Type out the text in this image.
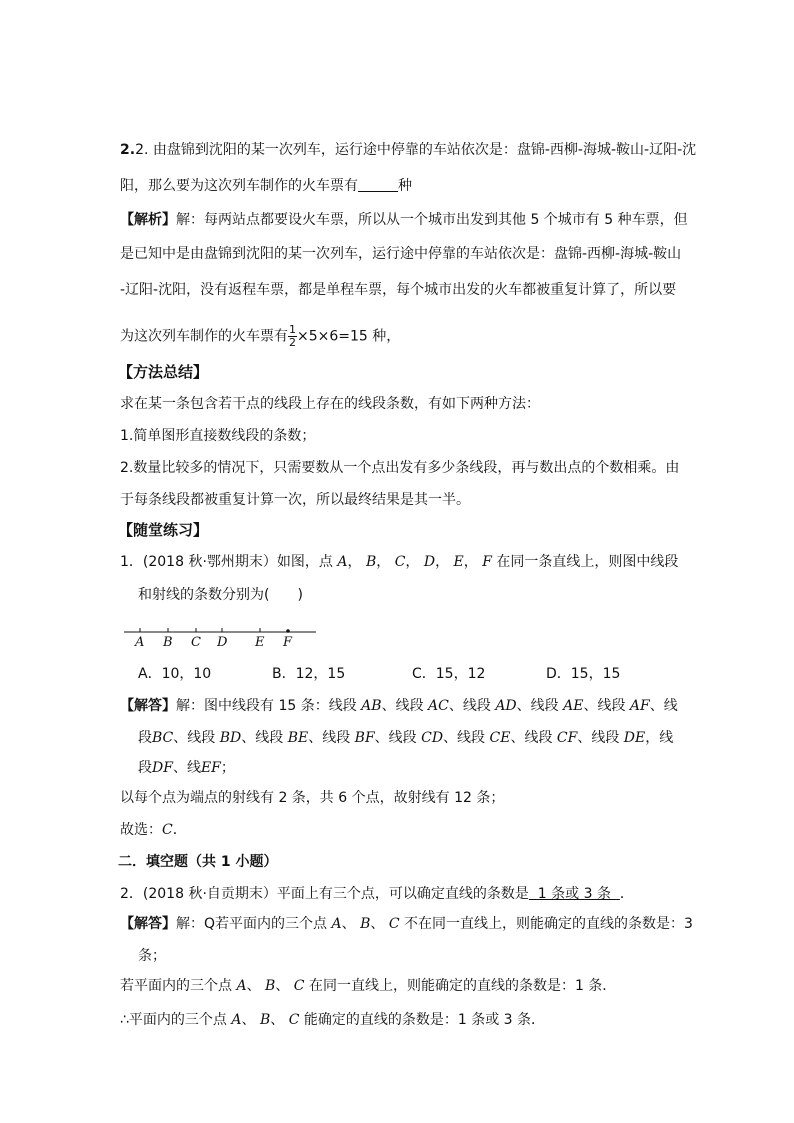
2.2. 由盘锦到沈阳的某一次列车，运行途中停靠的车站依次是：盘锦-西柳-海城-鞍山-辽阳-沈
阳，那么要为这次列车制作的火车票有	种
【解析】解：每两站点都要设火车票，所以从一个城市出发到其他 5 个城市有 5 种车票，但
是已知中是由盘锦到沈阳的某一次列车，运行途中停靠的车站依次是：盘锦-西柳-海城-鞍山
-辽阳-沈阳，没有返程车票，都是单程车票，每个城市出发的火车都被重复计算了，所以要
为这次列车制作的火车票有 $\frac{1}{2} \times 5\times 6=15$ 种，
【方法总结】
求在某一条包含若干点的线段上存在的线段条数，有如下两种方法：
1.简单图形直接数线段的条数；
2.数量比较多的情况下，只需要数从一个点出发有多少条线段，再与数出点的个数相乘。由
于每条线段都被重复计算一次，所以最终结果是其一半。
【随堂练习】
1．(2018 秋·鄂州期末）如图，点 A， B， C， D， E， F 在同一条直线上，则图中线段
和射线的条数分别为(　　)
A B C D E F
A．10，10	B．12，15	C．15，12	D．15，15
【解答】解：图中线段有 15 条：线段 AB、线段 AC、线段 AD、线段 AE、线段 AF、线
段BC、线段 BD、线段 BE、线段 BF、线段 CD、线段 CE、线段 CF、线段 DE，线
段DF、线EF；
以每个点为端点的射线有 2 条，共 6 个点，故射线有 12 条；
故选：C．
二．填空题（共 1 小题）
2．(2018 秋·自贡期末）平面上有三个点，可以确定直线的条数是  1 条或 3 条  ．
【解答】解：Q若平面内的三个点 A、 B、 C 不在同一直线上，则能确定的直线的条数是：3
条；
若平面内的三个点 A、 B、 C 在同一直线上，则能确定的直线的条数是：1 条．
∴平面内的三个点 A、 B、 C 能确定的直线的条数是：1 条或 3 条．
